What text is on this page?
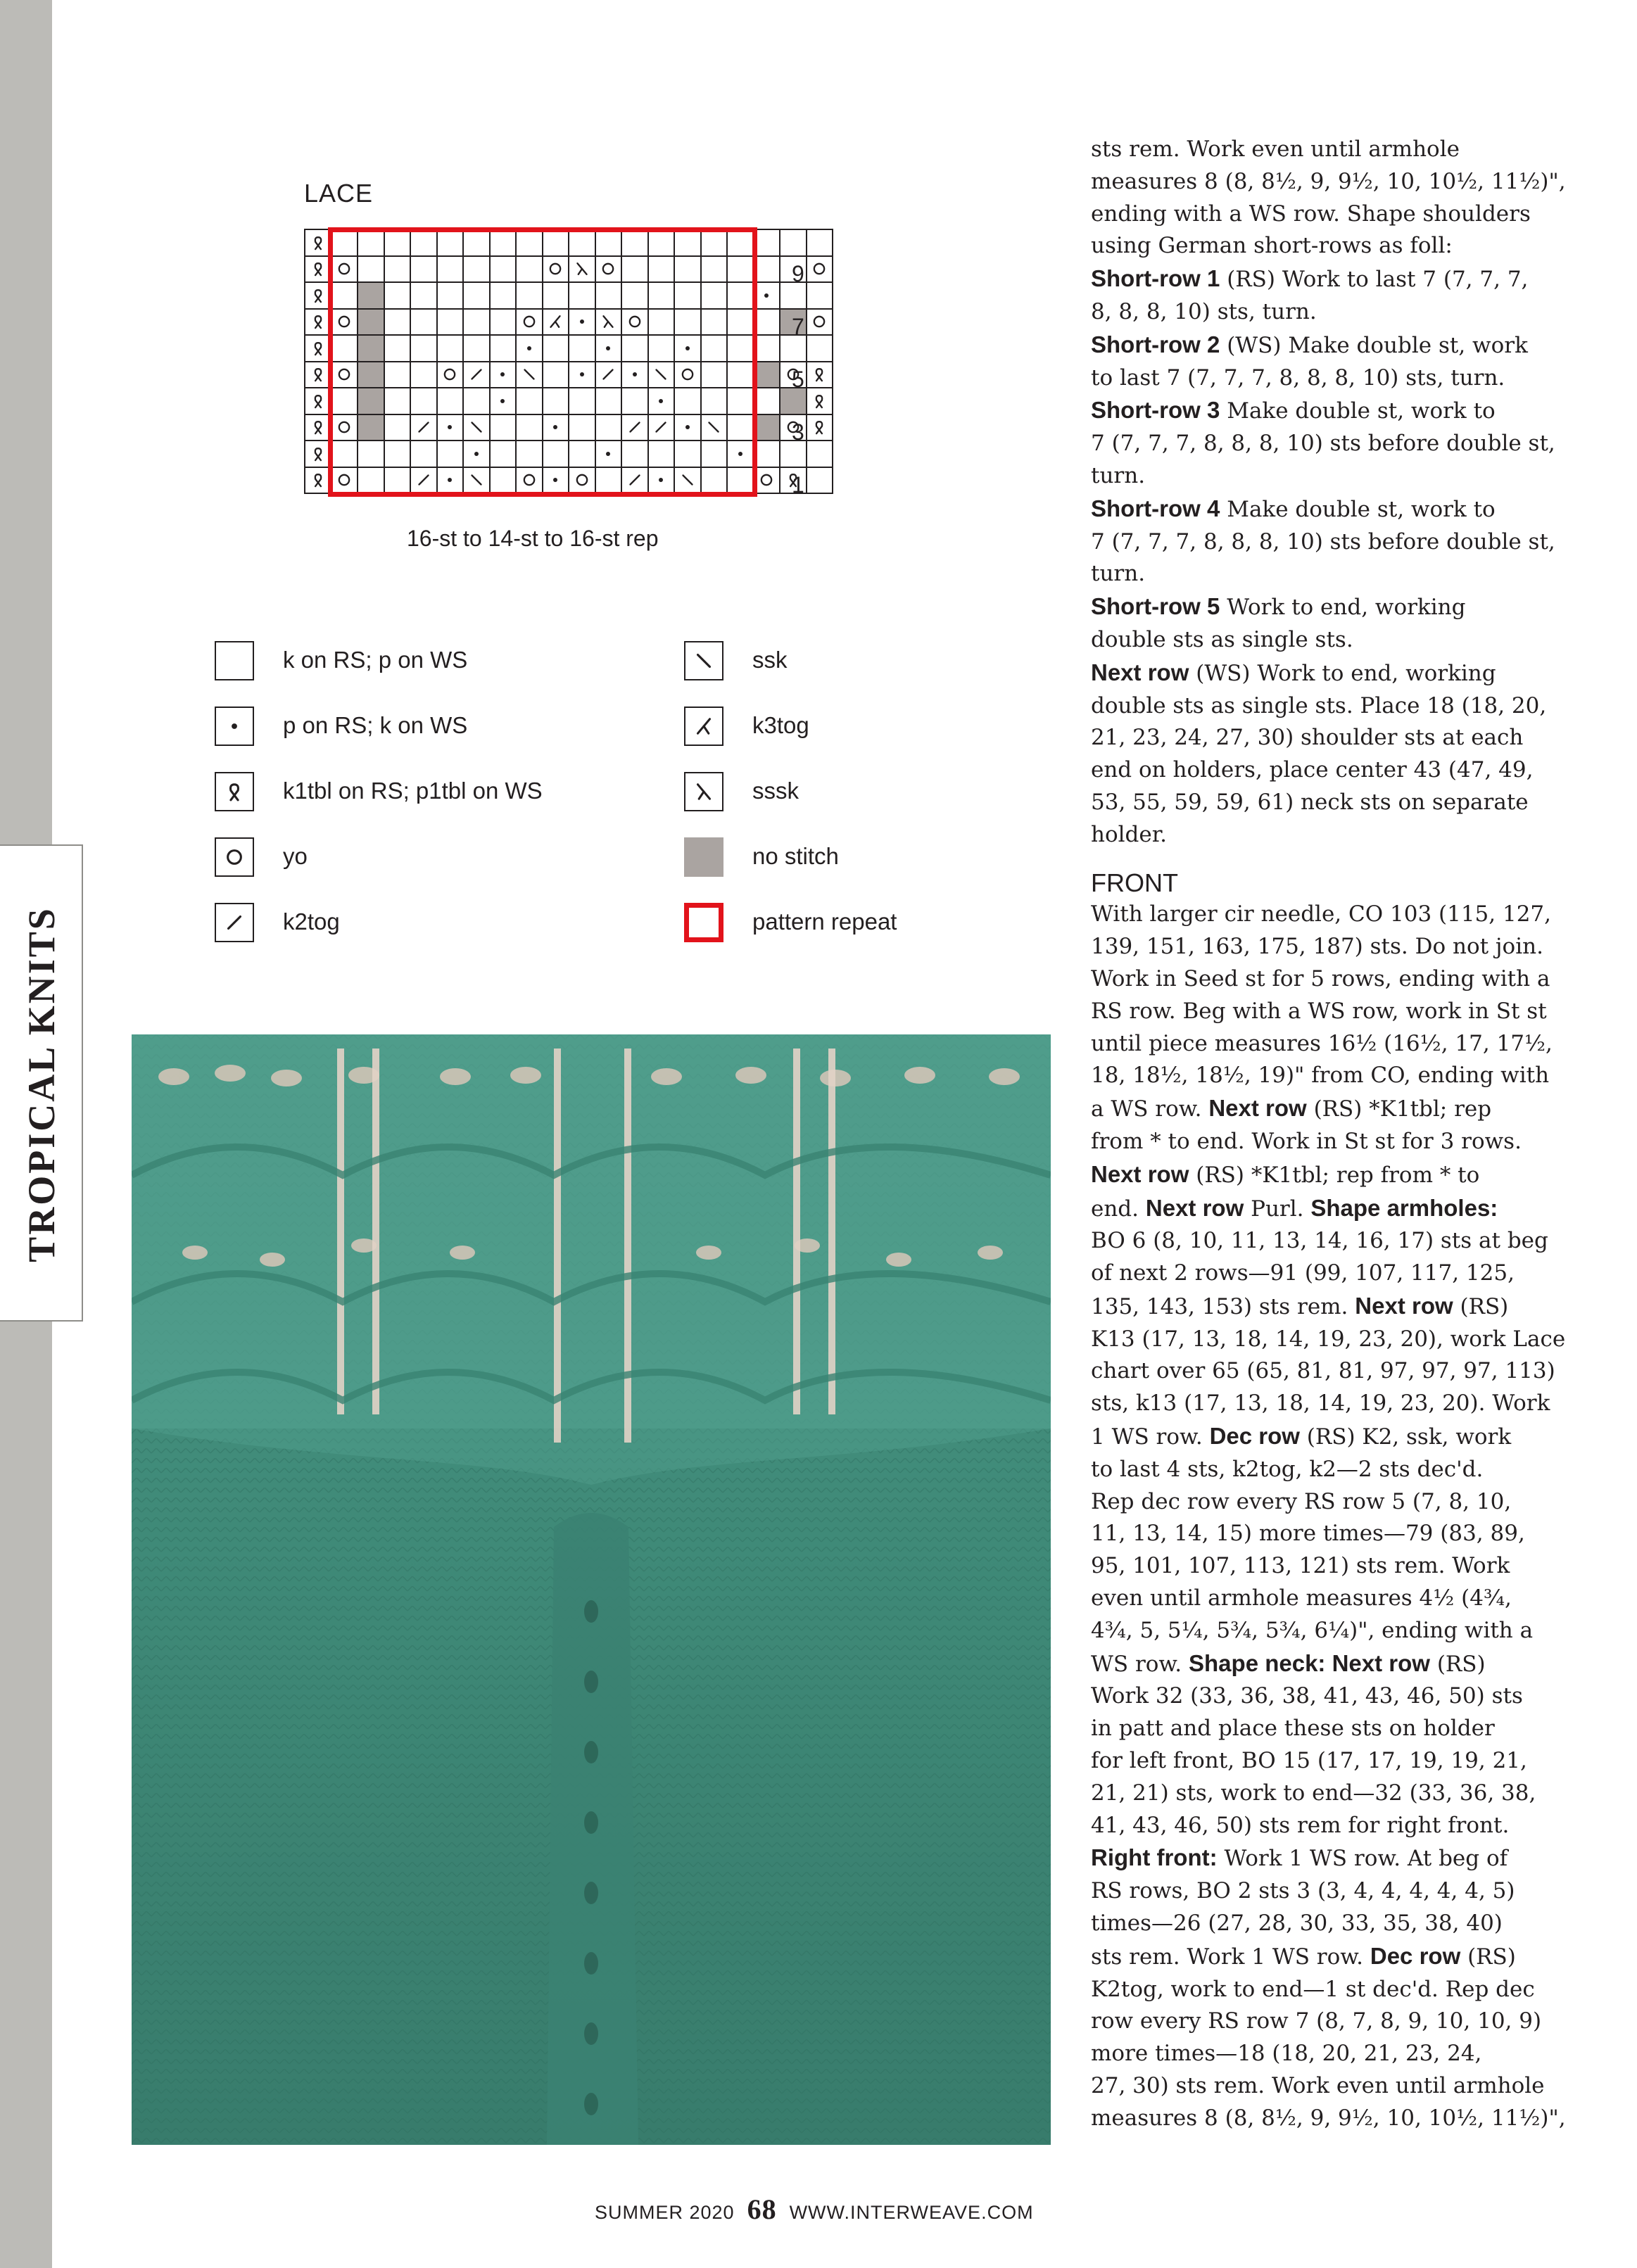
TROPICAL KNITS
LACE
9
7
5
3
1
16-st to 14-st to 16-st rep
k on RS; p on WS
p on RS; k on WS
k1tbl on RS; p1tbl on WS
yo
k2tog
ssk
k3tog
sssk
no stitch
pattern repeat
sts rem. Work even until armhole
measures 8 (8, 8½, 9, 9½, 10, 10½, 11½)",
ending with a WS row. Shape shoulders
using German short-rows as foll:
Short-row 1 (RS) Work to last 7 (7, 7, 7,
8, 8, 8, 10) sts, turn.
Short-row 2 (WS) Make double st, work
to last 7 (7, 7, 7, 8, 8, 8, 10) sts, turn.
Short-row 3 Make double st, work to
7 (7, 7, 7, 8, 8, 8, 10) sts before double st,
turn.
Short-row 4 Make double st, work to
7 (7, 7, 7, 8, 8, 8, 10) sts before double st,
turn.
Short-row 5 Work to end, working
double sts as single sts.
Next row (WS) Work to end, working
double sts as single sts. Place 18 (18, 20,
21, 23, 24, 27, 30) shoulder sts at each
end on holders, place center 43 (47, 49,
53, 55, 59, 59, 61) neck sts on separate
holder.
FRONT
With larger cir needle, CO 103 (115, 127,
139, 151, 163, 175, 187) sts. Do not join.
Work in Seed st for 5 rows, ending with a
RS row. Beg with a WS row, work in St st
until piece measures 16½ (16½, 17, 17½,
18, 18½, 18½, 19)" from CO, ending with
a WS row. Next row (RS) *K1tbl; rep
from * to end. Work in St st for 3 rows.
Next row (RS) *K1tbl; rep from * to
end. Next row Purl. Shape armholes:
BO 6 (8, 10, 11, 13, 14, 16, 17) sts at beg
of next 2 rows—91 (99, 107, 117, 125,
135, 143, 153) sts rem. Next row (RS)
K13 (17, 13, 18, 14, 19, 23, 20), work Lace
chart over 65 (65, 81, 81, 97, 97, 97, 113)
sts, k13 (17, 13, 18, 14, 19, 23, 20). Work
1 WS row. Dec row (RS) K2, ssk, work
to last 4 sts, k2tog, k2—2 sts dec'd.
Rep dec row every RS row 5 (7, 8, 10,
11, 13, 14, 15) more times—79 (83, 89,
95, 101, 107, 113, 121) sts rem. Work
even until armhole measures 4½ (4¾,
4¾, 5, 5¼, 5¾, 5¾, 6¼)", ending with a
WS row. Shape neck: Next row (RS)
Work 32 (33, 36, 38, 41, 43, 46, 50) sts
in patt and place these sts on holder
for left front, BO 15 (17, 17, 19, 19, 21,
21, 21) sts, work to end—32 (33, 36, 38,
41, 43, 46, 50) sts rem for right front.
Right front: Work 1 WS row. At beg of
RS rows, BO 2 sts 3 (3, 4, 4, 4, 4, 4, 5)
times—26 (27, 28, 30, 33, 35, 38, 40)
sts rem. Work 1 WS row. Dec row (RS)
K2tog, work to end—1 st dec'd. Rep dec
row every RS row 7 (8, 7, 8, 9, 10, 10, 9)
more times—18 (18, 20, 21, 23, 24,
27, 30) sts rem. Work even until armhole
measures 8 (8, 8½, 9, 9½, 10, 10½, 11½)",
SUMMER 2020 68 WWW.INTERWEAVE.COM
